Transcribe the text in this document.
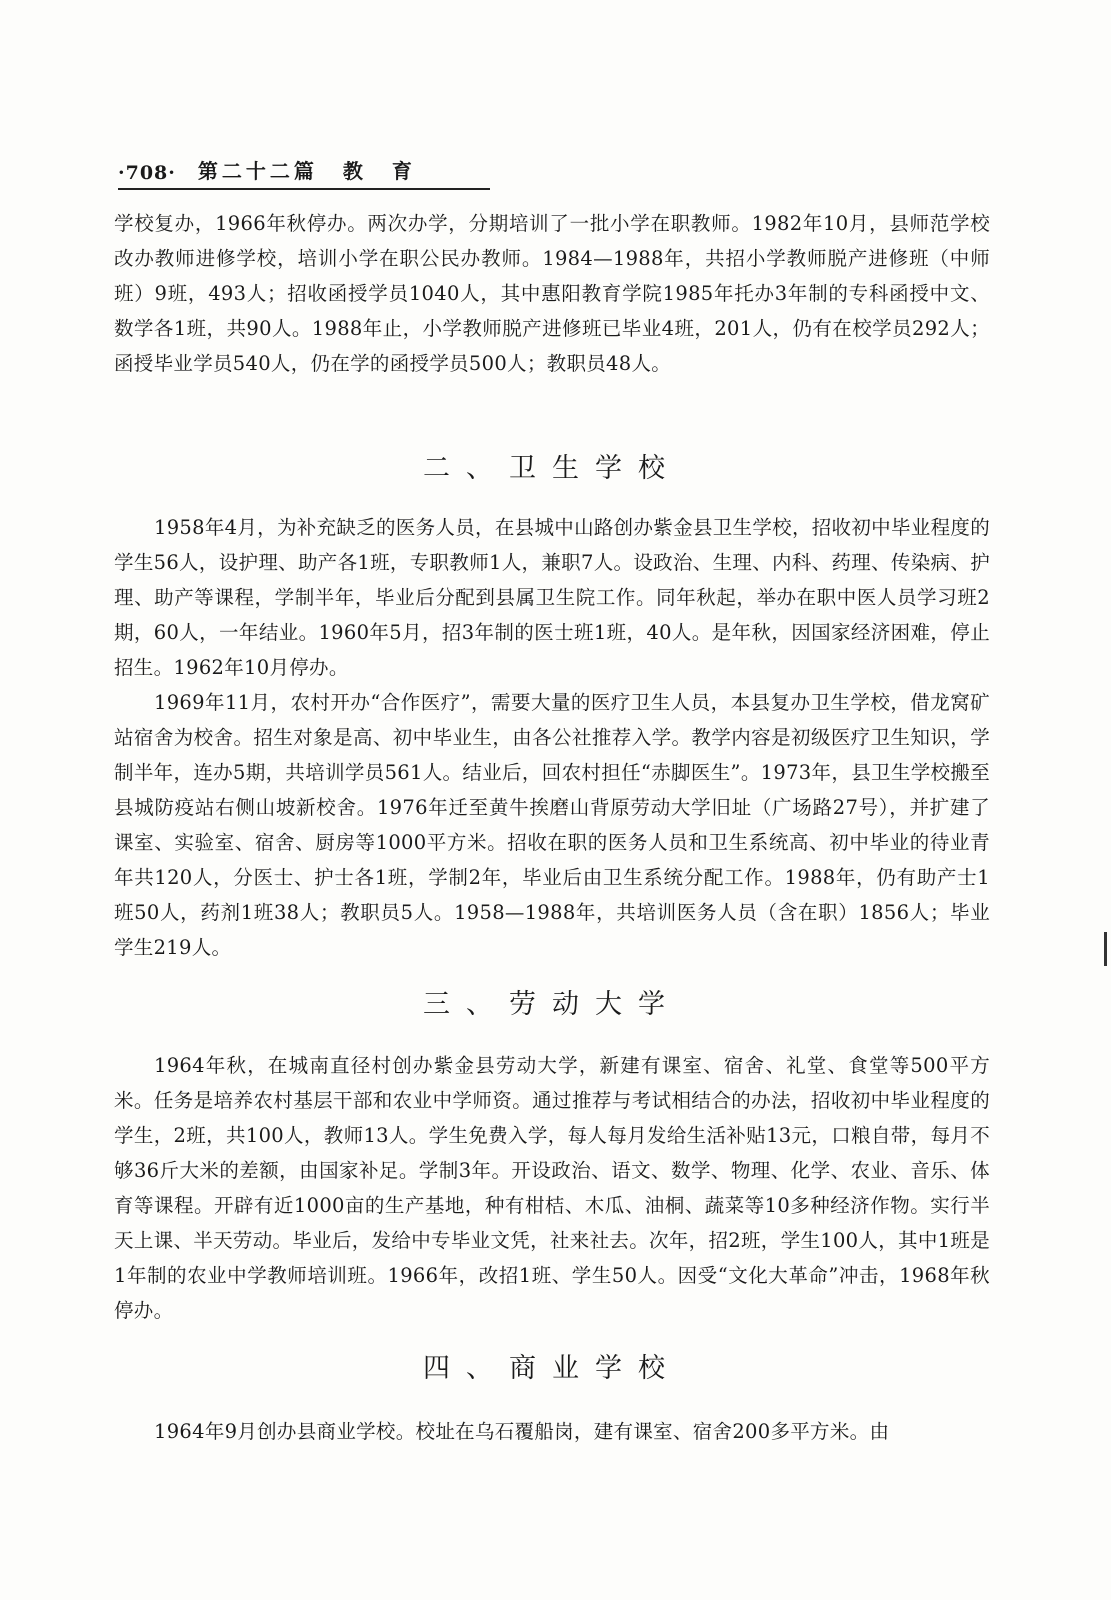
·708· 第二十二篇 教 育

学校复办，1966年秋停办。两次办学，分期培训了一批小学在职教师。1982年10月，县师范学校改办教师进修学校，培训小学在职公民办教师。1984—1988年，共招小学教师脱产进修班（中师班）9班，493人；招收函授学员1040人，其中惠阳教育学院1985年托办3年制的专科函授中文、数学各1班，共90人。1988年止，小学教师脱产进修班已毕业4班，201人，仍有在校学员292人；函授毕业学员540人，仍在学的函授学员500人；教职员48人。

二、卫生学校

1958年4月，为补充缺乏的医务人员，在县城中山路创办紫金县卫生学校，招收初中毕业程度的学生56人，设护理、助产各1班，专职教师1人，兼职7人。设政治、生理、内科、药理、传染病、护理、助产等课程，学制半年，毕业后分配到县属卫生院工作。同年秋起，举办在职中医人员学习班2期，60人，一年结业。1960年5月，招3年制的医士班1班，40人。是年秋，因国家经济困难，停止招生。1962年10月停办。

1969年11月，农村开办“合作医疗”，需要大量的医疗卫生人员，本县复办卫生学校，借龙窝矿站宿舍为校舍。招生对象是高、初中毕业生，由各公社推荐入学。教学内容是初级医疗卫生知识，学制半年，连办5期，共培训学员561人。结业后，回农村担任“赤脚医生”。1973年，县卫生学校搬至县城防疫站右侧山坡新校舍。1976年迁至黄牛挨磨山背原劳动大学旧址（广场路27号），并扩建了课室、实验室、宿舍、厨房等1000平方米。招收在职的医务人员和卫生系统高、初中毕业的待业青年共120人，分医士、护士各1班，学制2年，毕业后由卫生系统分配工作。1988年，仍有助产士1班50人，药剂1班38人；教职员5人。1958—1988年，共培训医务人员（含在职）1856人；毕业学生219人。

三、劳动大学

1964年秋，在城南直径村创办紫金县劳动大学，新建有课室、宿舍、礼堂、食堂等500平方米。任务是培养农村基层干部和农业中学师资。通过推荐与考试相结合的办法，招收初中毕业程度的学生，2班，共100人，教师13人。学生免费入学，每人每月发给生活补贴13元，口粮自带，每月不够36斤大米的差额，由国家补足。学制3年。开设政治、语文、数学、物理、化学、农业、音乐、体育等课程。开辟有近1000亩的生产基地，种有柑桔、木瓜、油桐、蔬菜等10多种经济作物。实行半天上课、半天劳动。毕业后，发给中专毕业文凭，社来社去。次年，招2班，学生100人，其中1班是1年制的农业中学教师培训班。1966年，改招1班、学生50人。因受“文化大革命”冲击，1968年秋停办。

四、商业学校

1964年9月创办县商业学校。校址在乌石覆船岗，建有课室、宿舍200多平方米。由
